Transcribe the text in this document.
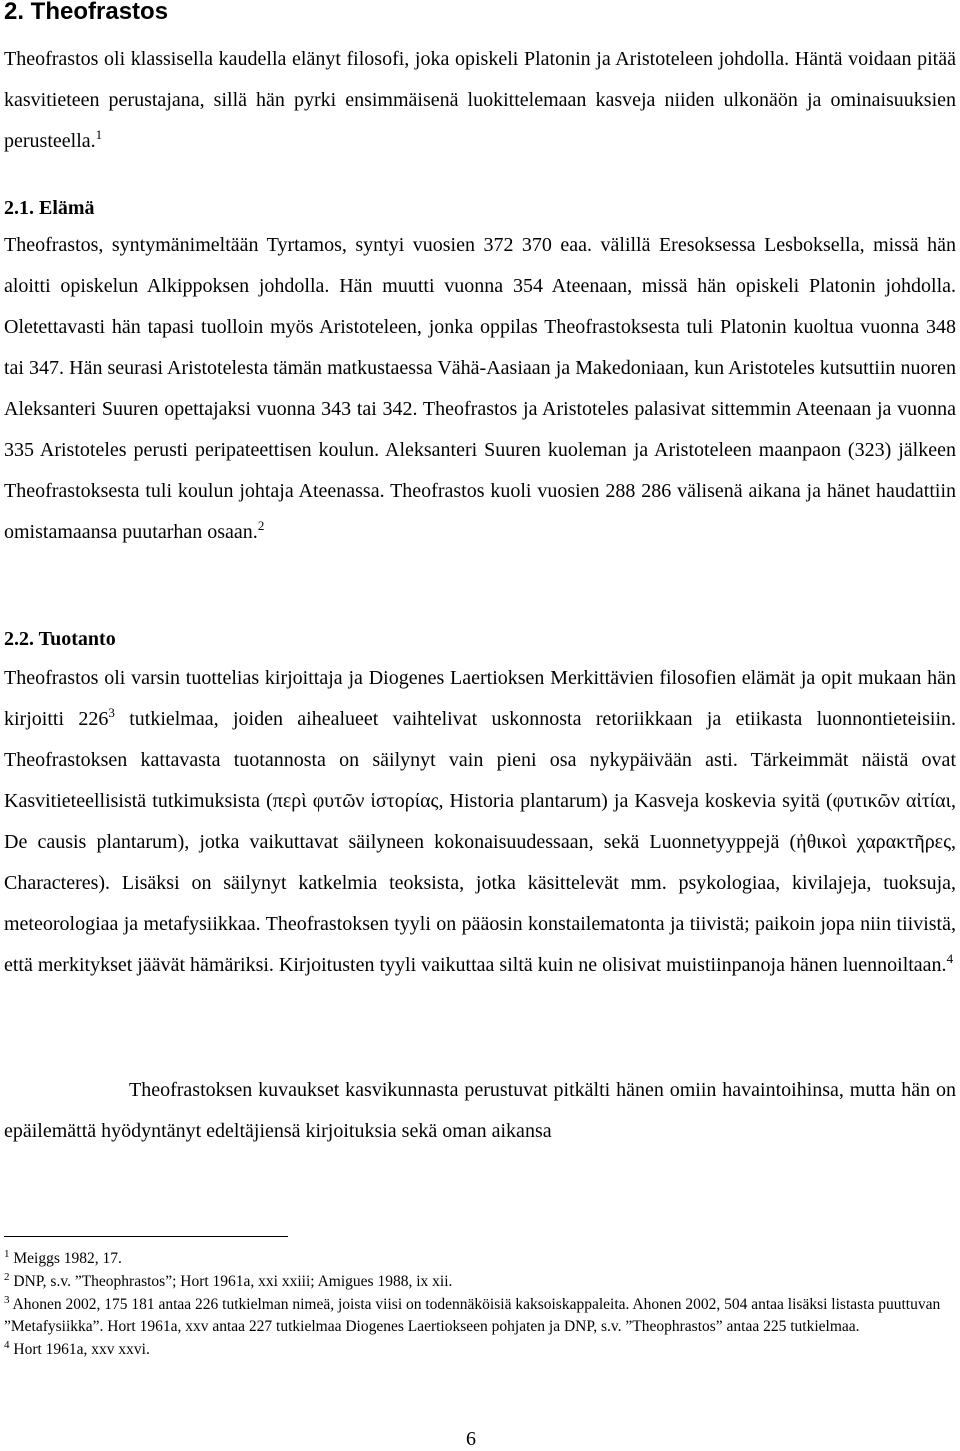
2. Theofrastos

Theofrastos oli klassisella kaudella elänyt filosofi, joka opiskeli Platonin ja Aristoteleen johdolla. Häntä voidaan pitää kasvitieteen perustajana, sillä hän pyrki ensimmäisenä luokittelemaan kasveja niiden ulkonäön ja ominaisuuksien perusteella.$^1$

2.1. Elämä

Theofrastos, syntymänimeltään Tyrtamos, syntyi vuosien 372 370 eaa. välillä Eresoksessa Lesboksella, missä hän aloitti opiskelun Alkippoksen johdolla. Hän muutti vuonna 354 Ateenaan, missä hän opiskeli Platonin johdolla. Oletettavasti hän tapasi tuolloin myös Aristoteleen, jonka oppilas Theofrastoksesta tuli Platonin kuoltua vuonna 348 tai 347. Hän seurasi Aristotelesta tämän matkustaessa Vähä-Aasiaan ja Makedoniaan, kun Aristoteles kutsuttiin nuoren Aleksanteri Suuren opettajaksi vuonna 343 tai 342. Theofrastos ja Aristoteles palasivat sittemmin Ateenaan ja vuonna 335 Aristoteles perusti peripateettisen koulun. Aleksanteri Suuren kuoleman ja Aristoteleen maanpaon (323) jälkeen Theofrastoksesta tuli koulun johtaja Ateenassa. Theofrastos kuoli vuosien 288 286 välisenä aikana ja hänet haudattiin omistamaansa puutarhan osaan.$^2$

2.2. Tuotanto

Theofrastos oli varsin tuottelias kirjoittaja ja Diogenes Laertioksen Merkittävien filosofien elämät ja opit mukaan hän kirjoitti $226^3$ tutkielmaa, joiden aihealueet vaihtelivat uskonnosta retoriikkaan ja etiikasta luonnontieteisiin. Theofrastoksen kattavasta tuotannosta on säilynyt vain pieni osa nykypäivään asti. Tärkeimmät näistä ovat Kasvitieteellisistä tutkimuksista (περὶ φυτῶν ἱστορίας, Historia plantarum) ja Kasveja koskevia syitä (φυτικῶν αἰτίαι, De causis plantarum), jotka vaikuttavat säilyneen kokonaisuudessaan, sekä Luonnetyyppejä (ἠθικοὶ χαρακτῆρες, Characteres). Lisäksi on säilynyt katkelmia teoksista, jotka käsittelevät mm. psykologiaa, kivilajeja, tuoksuja, meteorologiaa ja metafysiikkaa. Theofrastoksen tyyli on pääosin konstailematonta ja tiivistä; paikoin jopa niin tiivistä, että merkitykset jäävät hämäriksi. Kirjoitusten tyyli vaikuttaa siltä kuin ne olisivat muistiinpanoja hänen luennoiltaan.$^4$

Theofrastoksen kuvaukset kasvikunnasta perustuvat pitkälti hänen omiin havaintoihinsa, mutta hän on epäilemättä hyödyntänyt edeltäjiensä kirjoituksia sekä oman aikansa

$^1$ Meiggs 1982, 17.

$^2$ DNP, s.v. ”Theophrastos”; Hort 1961a, xxi xxiii; Amigues 1988, ix xii.

$^3$ Ahonen 2002, 175 181 antaa 226 tutkielman nimeä, joista viisi on todennäköisiä kaksoiskappaleita. Ahonen 2002, 504 antaa lisäksi listasta puuttuvan ”Metafysiikka”. Hort 1961a, xxv antaa 227 tutkielmaa Diogenes Laertiokseen pohjaten ja DNP, s.v. ”Theophrastos” antaa 225 tutkielmaa.

$^4$ Hort 1961a, xxv xxvi.

6
